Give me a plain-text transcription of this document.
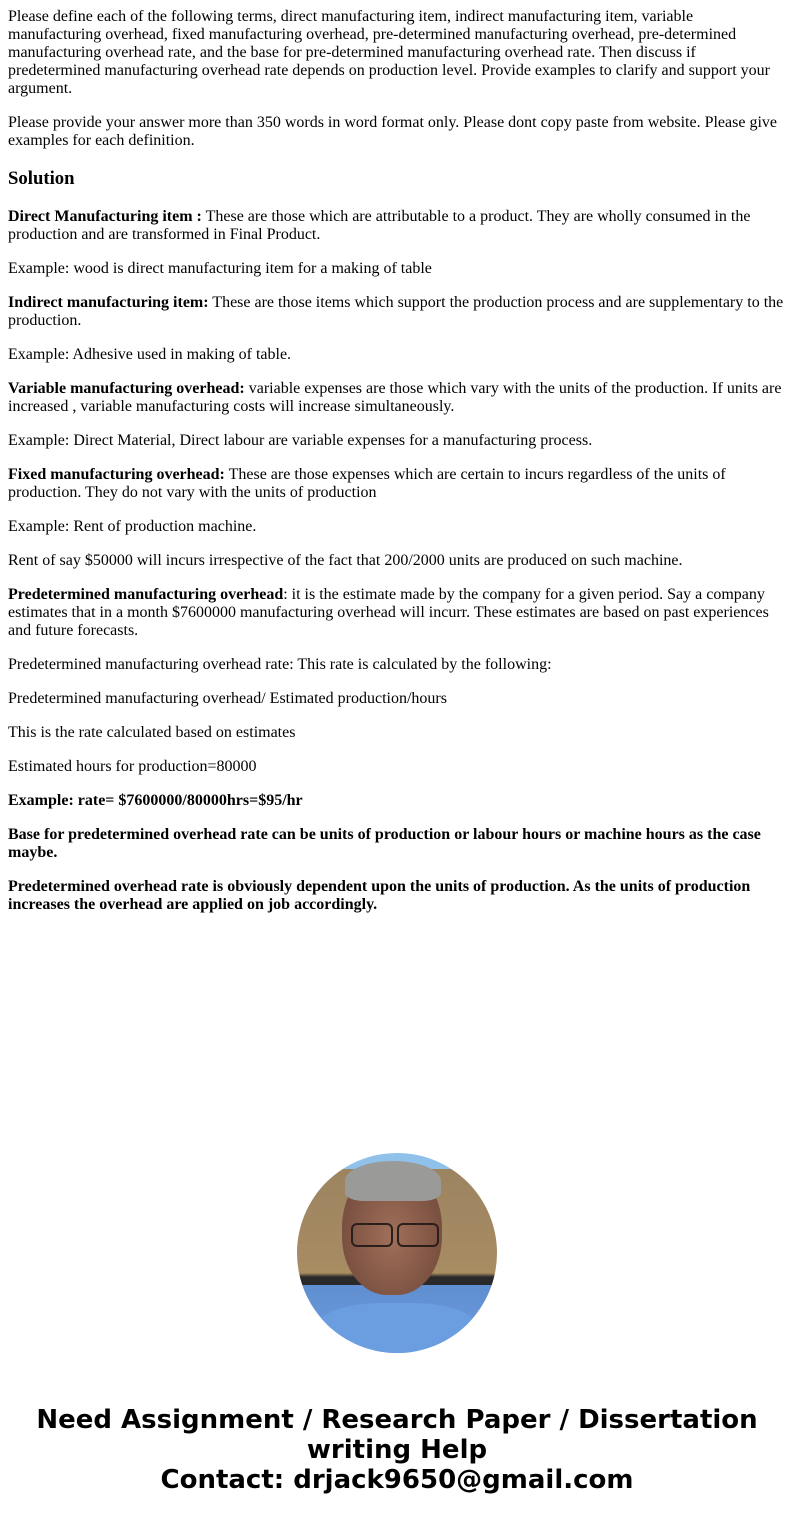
Please define each of the following terms, direct manufacturing item, indirect manufacturing item, variable manufacturing overhead, fixed manufacturing overhead, pre-determined manufacturing overhead, pre-determined manufacturing overhead rate, and the base for pre-determined manufacturing overhead rate. Then discuss if predetermined manufacturing overhead rate depends on production level. Provide examples to clarify and support your argument.

Please provide your answer more than 350 words in word format only. Please dont copy paste from website. Please give examples for each definition.

Solution

Direct Manufacturing item : These are those which are attributable to a product. They are wholly consumed in the production and are transformed in Final Product.

Example: wood is direct manufacturing item for a making of table

Indirect manufacturing item: These are those items which support the production process and are supplementary to the production.

Example: Adhesive used in making of table.

Variable manufacturing overhead: variable expenses are those which vary with the units of the production. If units are increased , variable manufacturing costs will increase simultaneously.

Example: Direct Material, Direct labour are variable expenses for a manufacturing process.

Fixed manufacturing overhead: These are those expenses which are certain to incurs regardless of the units of production. They do not vary with the units of production

Example: Rent of production machine.

Rent of say $50000 will incurs irrespective of the fact that 200/2000 units are produced on such machine.

Predetermined manufacturing overhead: it is the estimate made by the company for a given period. Say a company estimates that in a month $7600000 manufacturing overhead will incurr. These estimates are based on past experiences and future forecasts.

Predetermined manufacturing overhead rate: This rate is calculated by the following:

Predetermined manufacturing overhead/ Estimated production/hours

This is the rate calculated based on estimates

Estimated hours for production=80000

Example: rate= $7600000/80000hrs=$95/hr

Base for predetermined overhead rate can be units of production or labour hours or machine hours as the case maybe.

Predetermined overhead rate is obviously dependent upon the units of production. As the units of production increases the overhead are applied on job accordingly.

Need Assignment / Research Paper / Dissertation writing Help
Contact: drjack9650@gmail.com
